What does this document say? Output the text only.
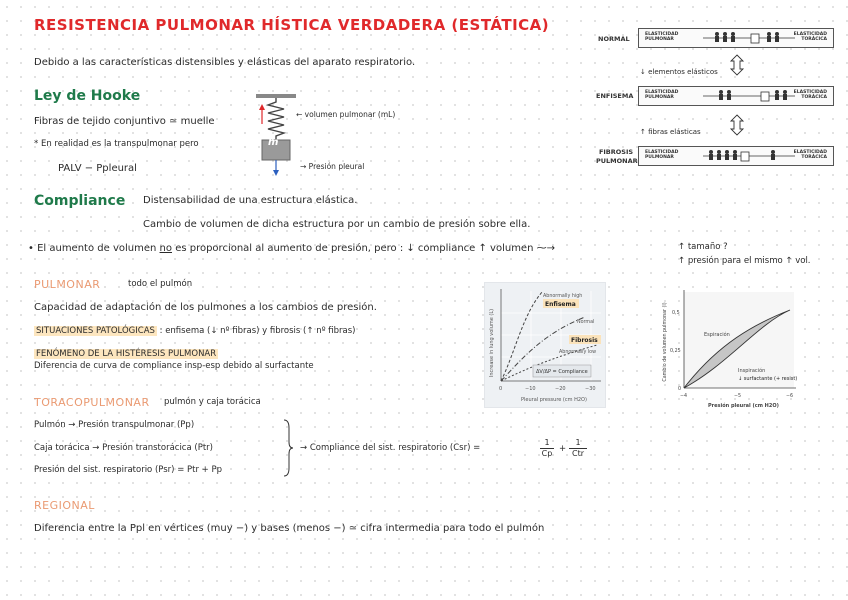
RESISTENCIA PULMONAR HÍSTICA VERDADERA (ESTÁTICA)
Debido a las características distensibles y elásticas del aparato respiratorio.
Ley de Hooke
Fibras de tejido conjuntivo ≃ muelle
* En realidad es la transpulmonar pero
PALV − Ppleural
m
← volumen pulmonar (mL)
→ Presión pleural
NORMAL
ELASTICIDAD PULMONAR
ELASTICIDAD TORÁCICA
↓ elementos elásticos
ENFISEMA	ELASTICIDAD PULMONAR
ELASTICIDAD TORÁCICA
↑ fibras elásticas
FIBROSIS PULMONAR
ELASTICIDAD PULMONAR
ELASTICIDAD TORÁCICA
Compliance Distensabilidad de una estructura elástica.
Cambio de volumen de dicha estructura por un cambio de presión sobre ella.
• El aumento de volumen no es proporcional al aumento de presión, pero : ↓ compliance ↑ volumen ⁓→	↑ tamaño ?
↑ presión para el mismo ↑ vol.
PULMONAR	todo el pulmón
Capacidad de adaptación de los pulmones a los cambios de presión.
SITUACIONES PATOLÓGICAS : enfisema (↓ nº fibras) y fibrosis (↑ nº fibras)
FENÓMENO DE LA HISTÉRESIS PULMONAR
Diferencia de curva de compliance insp-esp debido al surfactante	Increase in lung volume (L)
0	−10	−20	−30
Pleural pressure (cm H2O)
Abnormally high
Normal
Abnormally low
Enfisema
Fibrosis
ΔV/ΔP = Compliance	Cambio de volumen pulmonar (l) 0,5
0,25
0
−4	−5	−6
Presión pleural (cm H2O)
Espiración
Inspiración
↓ surfactante (+ resist)
TORACOPULMONAR pulmón y caja torácica
Pulmón → Presión transpulmonar (Pp)
Caja torácica → Presión transtorácica (Ptr)
Presión del sist. respiratorio (Psr) = Ptr + Pp
→ Compliance del sist. respiratorio (Csr) =	$\frac{1}{Cp}$ +
1
Ctr
REGIONAL
Diferencia entre la Ppl en vértices (muy −) y bases (menos −) ≃ cifra intermedia para todo el pulmón
